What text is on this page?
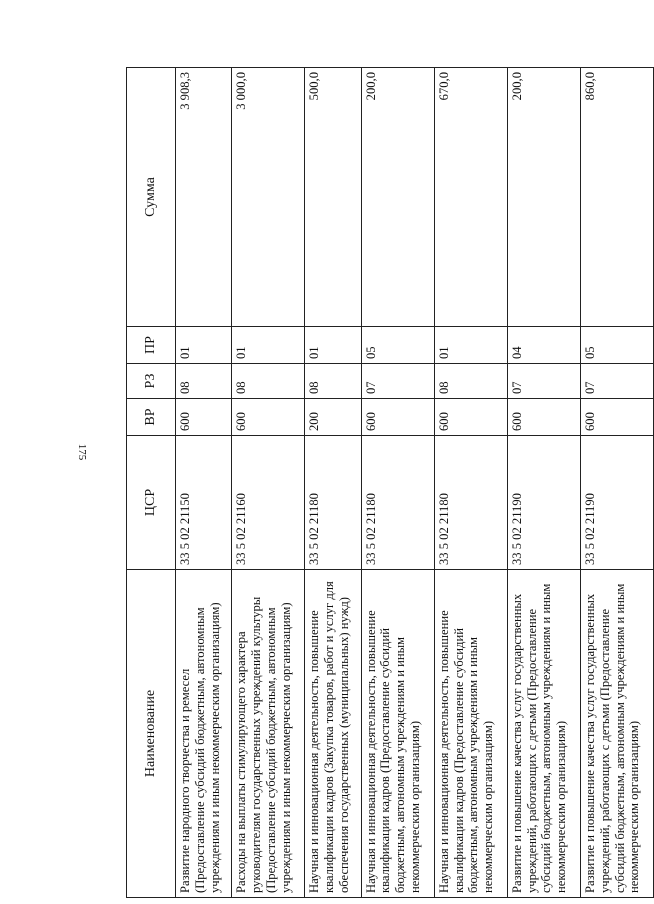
175
Наименование	ЦСР	ВР	РЗ	ПР	Сумма
Развитие народного творчества и ремесел (Предоставление субсидий бюджетным, автономным учреждениям и иным некоммерческим организациям)	33 5 02 21150	600	08	01	3 908,3
Расходы на выплаты стимулирующего характера руководителям государственных учреждений культуры (Предоставление субсидий бюджетным, автономным учреждениям и иным некоммерческим организациям)	33 5 02 21160	600	08	01	3 000,0
Научная и инновационная деятельность, повышение квалификации кадров (Закупка товаров, работ и услуг для обеспечения государственных (муниципальных) нужд)	33 5 02 21180	200	08	01	500,0
Научная и инновационная деятельность, повышение квалификации кадров (Предоставление субсидий бюджетным, автономным учреждениям и иным некоммерческим организациям)	33 5 02 21180	600	07	05	200,0
Научная и инновационная деятельность, повышение квалификации кадров (Предоставление субсидий бюджетным, автономным учреждениям и иным некоммерческим организациям)	33 5 02 21180	600	08	01	670,0
Развитие и повышение качества услуг государственных учреждений, работающих с детьми (Предоставление субсидий бюджетным, автономным учреждениям и иным некоммерческим организациям)	33 5 02 21190	600	07	04	200,0
Развитие и повышение качества услуг государственных учреждений, работающих с детьми (Предоставление субсидий бюджетным, автономным учреждениям и иным некоммерческим организациям)	33 5 02 21190	600	07	05	860,0
